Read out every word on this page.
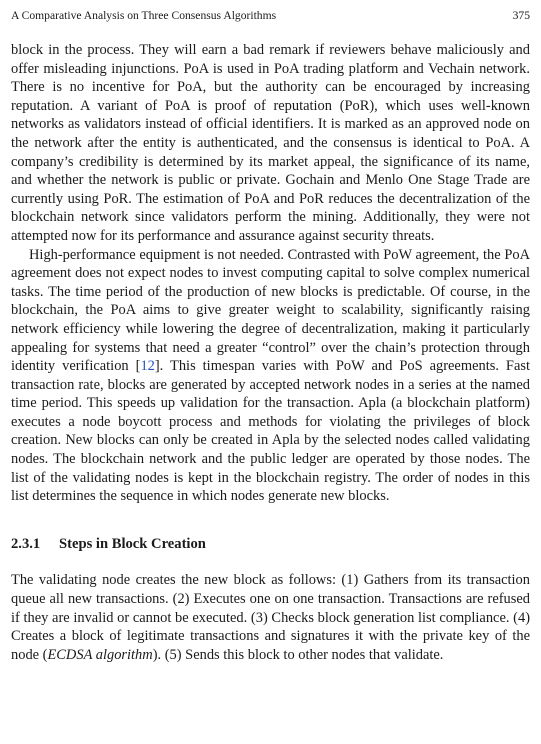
A Comparative Analysis on Three Consensus Algorithms	375

block in the process. They will earn a bad remark if reviewers behave maliciously and offer misleading injunctions. PoA is used in PoA trading platform and Vechain network. There is no incentive for PoA, but the authority can be encouraged by increasing reputation. A variant of PoA is proof of reputation (PoR), which uses well-known networks as validators instead of official identifiers. It is marked as an approved node on the network after the entity is authenticated, and the consensus is identical to PoA. A company’s credibility is determined by its market appeal, the significance of its name, and whether the network is public or private. Gochain and Menlo One Stage Trade are currently using PoR. The estimation of PoA and PoR reduces the decentralization of the blockchain network since validators perform the mining. Additionally, they were not attempted now for its performance and assurance against security threats.

High-performance equipment is not needed. Contrasted with PoW agreement, the PoA agreement does not expect nodes to invest computing capital to solve complex numerical tasks. The time period of the production of new blocks is predictable. Of course, in the blockchain, the PoA aims to give greater weight to scalability, significantly raising network efficiency while lowering the degree of decentralization, making it particularly appealing for systems that need a greater “control” over the chain’s protection through identity verification [12]. This timespan varies with PoW and PoS agreements. Fast transaction rate, blocks are generated by accepted network nodes in a series at the named time period. This speeds up validation for the transaction. Apla (a blockchain platform) executes a node boycott process and methods for violating the privileges of block creation. New blocks can only be created in Apla by the selected nodes called validating nodes. The blockchain network and the public ledger are operated by those nodes. The list of the validating nodes is kept in the blockchain registry. The order of nodes in this list determines the sequence in which nodes generate new blocks.

2.3.1 Steps in Block Creation

The validating node creates the new block as follows: (1) Gathers from its transaction queue all new transactions. (2) Executes one on one transaction. Transactions are refused if they are invalid or cannot be executed. (3) Checks block generation list compliance. (4) Creates a block of legitimate transactions and signatures it with the private key of the node (ECDSA algorithm). (5) Sends this block to other nodes that validate.
